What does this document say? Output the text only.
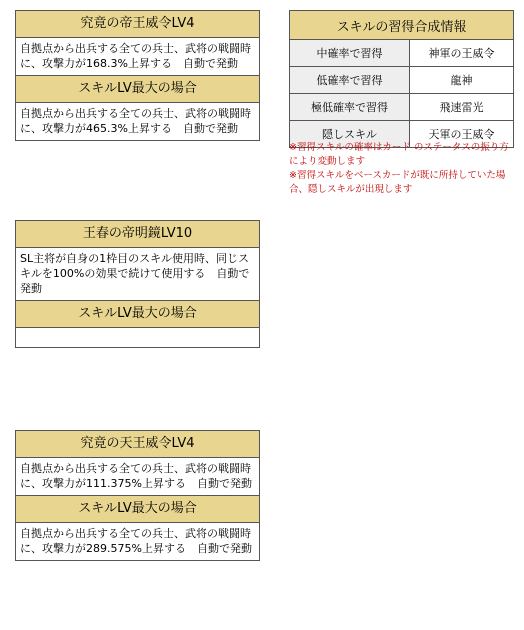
究竟の帝王威令LV4
自拠点から出兵する全ての兵士、武将の戦闘時に、攻撃力が168.3%上昇する　自動で発動
スキルLV最大の場合
自拠点から出兵する全ての兵士、武将の戦闘時に、攻撃力が465.3%上昇する　自動で発動
王春の帝明鏡LV10
SL主将が自身の1枠目のスキル使用時、同じスキルを100%の効果で続けて使用する　自動で発動
スキルLV最大の場合
究竟の天王威令LV4
自拠点から出兵する全ての兵士、武将の戦闘時に、攻撃力が111.375%上昇する　自動で発動
スキルLV最大の場合
自拠点から出兵する全ての兵士、武将の戦闘時に、攻撃力が289.575%上昇する　自動で発動
スキルの習得合成情報	
中確率で習得	神軍の王威令
低確率で習得	龍神
極低確率で習得	飛速雷光
隠しスキル	天軍の王威令
※習得スキルの確率はカード のステータスの振り方により変動します
※習得スキルをベースカードが既に所持していた場合、隠しスキルが出現します
